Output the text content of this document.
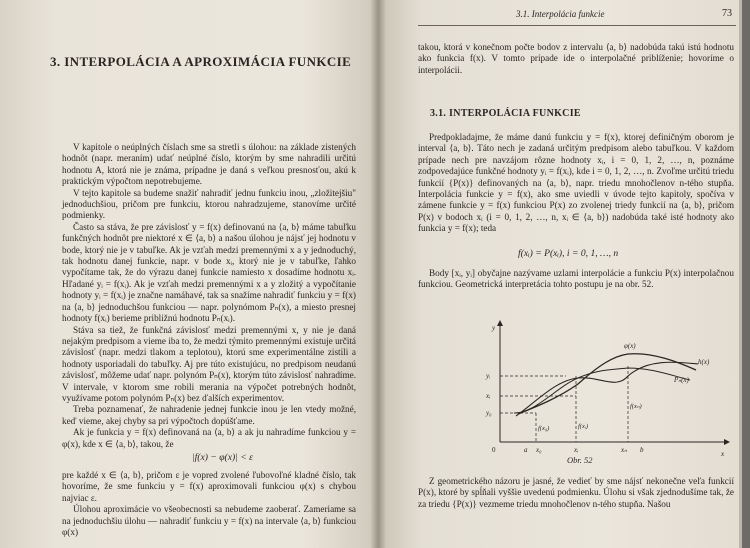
3. INTERPOLÁCIA A APROXIMÁCIA FUNKCIE

V kapitole o neúplných číslach sme sa stretli s úlohou: na základe zistených hodnôt (napr. meraním) udať neúplné číslo, ktorým by sme nahradili určitú hodnotu A, ktorá nie je známa, prípadne je daná s veľkou presnosťou, akú k praktickým výpočtom nepotrebujeme.

V tejto kapitole sa budeme snažiť nahradiť jednu funkciu inou, „zložitejšiu" jednoduchšiou, pričom pre funkciu, ktorou nahradzujeme, stanovíme určité podmienky.

Často sa stáva, že pre závislosť y = f(x) definovanú na ⟨a, b⟩ máme tabuľku funkčných hodnôt pre niektoré x ∈ ⟨a, b⟩ a našou úlohou je nájsť jej hodnotu v bode, ktorý nie je v tabuľke. Ak je vzťah medzi premennými x a y jednoduchý, tak hodnotu danej funkcie, napr. v bode xᵢ, ktorý nie je v tabuľke, ľahko vypočítame tak, že do výrazu danej funkcie namiesto x dosadíme hodnotu xᵢ. Hľadané yᵢ = f(xᵢ). Ak je vzťah medzi premennými x a y zložitý a vypočítanie hodnoty yᵢ = f(xᵢ) je značne namáhavé, tak sa snažíme nahradiť funkciu y = f(x) na ⟨a, b⟩ jednoduchšou funkciou — napr. polynómom Pₙ(x), a miesto presnej hodnoty f(xᵢ) berieme približnú hodnotu Pₙ(xᵢ).

Stáva sa tiež, že funkčná závislosť medzi premennými x, y nie je daná nejakým predpisom a vieme iba to, že medzi týmito premennými existuje určitá závislosť (napr. medzi tlakom a teplotou), ktorú sme experimentálne zistili a hodnoty usporiadali do tabuľky. Aj pre túto existujúcu, no predpisom neudanú závislosť, môžeme udať napr. polynóm Pₙ(x), ktorým túto závislosť nahradíme. V intervale, v ktorom sme robili merania na výpočet potrebných hodnôt, využívame potom polynóm Pₙ(x) bez ďalších experimentov.

Treba poznamenať, že nahradenie jednej funkcie inou je len vtedy možné, keď vieme, akej chyby sa pri výpočtoch dopúšťame.

Ak je funkcia y = f(x) definovaná na ⟨a, b⟩ a ak ju nahradíme funkciou y = φ(x), kde x ∈ ⟨a, b⟩, takou, že

|f(x) − φ(x)| < ε

pre každé x ∈ ⟨a, b⟩, pričom ε je vopred zvolené ľubovoľné kladné číslo, tak hovoríme, že sme funkciu y = f(x) aproximovali funkciou φ(x) s chybou najviac ε.

Úlohou aproximácie vo všeobecnosti sa nebudeme zaoberať. Zameriame sa na jednoduchšiu úlohu — nahradiť funkciu y = f(x) na intervale ⟨a, b⟩ funkciou φ(x)

3.1. Interpolácia funkcie	73

takou, ktorá v konečnom počte bodov z intervalu ⟨a, b⟩ nadobúda takú istú hodnotu ako funkcia f(x). V tomto prípade ide o interpolačné priblíženie; hovoríme o interpolácii.

3.1. INTERPOLÁCIA FUNKCIE

Predpokladajme, že máme danú funkciu y = f(x), ktorej definičným oborom je interval ⟨a, b⟩. Táto nech je zadaná určitým predpisom alebo tabuľkou. V každom prípade nech pre navzájom rôzne hodnoty xᵢ, i = 0, 1, 2, …, n, poznáme zodpovedajúce funkčné hodnoty yᵢ = f(xᵢ), kde i = 0, 1, 2, …, n. Zvoľme určitú triedu funkcií {P(x)} definovaných na ⟨a, b⟩, napr. triedu mnohočlenov n-tého stupňa. Interpolácia funkcie y = f(x), ako sme uviedli v úvode tejto kapitoly, spočíva v zámene funkcie y = f(x) funkciou P(x) zo zvolenej triedy funkcií na ⟨a, b⟩, pričom P(x) v bodoch xᵢ (i = 0, 1, 2, …, n, xᵢ ∈ ⟨a, b⟩) nadobúda také isté hodnoty ako funkcia y = f(x); teda

f(xᵢ) = P(xᵢ), i = 0, 1, …, n

Body [xᵢ, yᵢ] obyčajne nazývame uzlami interpolácie a funkciu P(x) interpolačnou funkciou. Geometrická interpretácia tohto postupu je na obr. 52.

y
x
0
yᵢ
xᵢ
y₀
a x₀	xᵢ	xₙ b
φ(x)
h(x)
Pₙ(x)
f(x₀)	f(xᵢ)
f(xₙ)
Obr. 52

Z geometrického názoru je jasné, že vedieť by sme nájsť nekonečne veľa funkcií P(x), ktoré by spĺňali vyššie uvedenú podmienku. Úlohu si však zjednodušíme tak, že za triedu {P(x)} vezmeme triedu mnohočlenov n-tého stupňa. Našou
